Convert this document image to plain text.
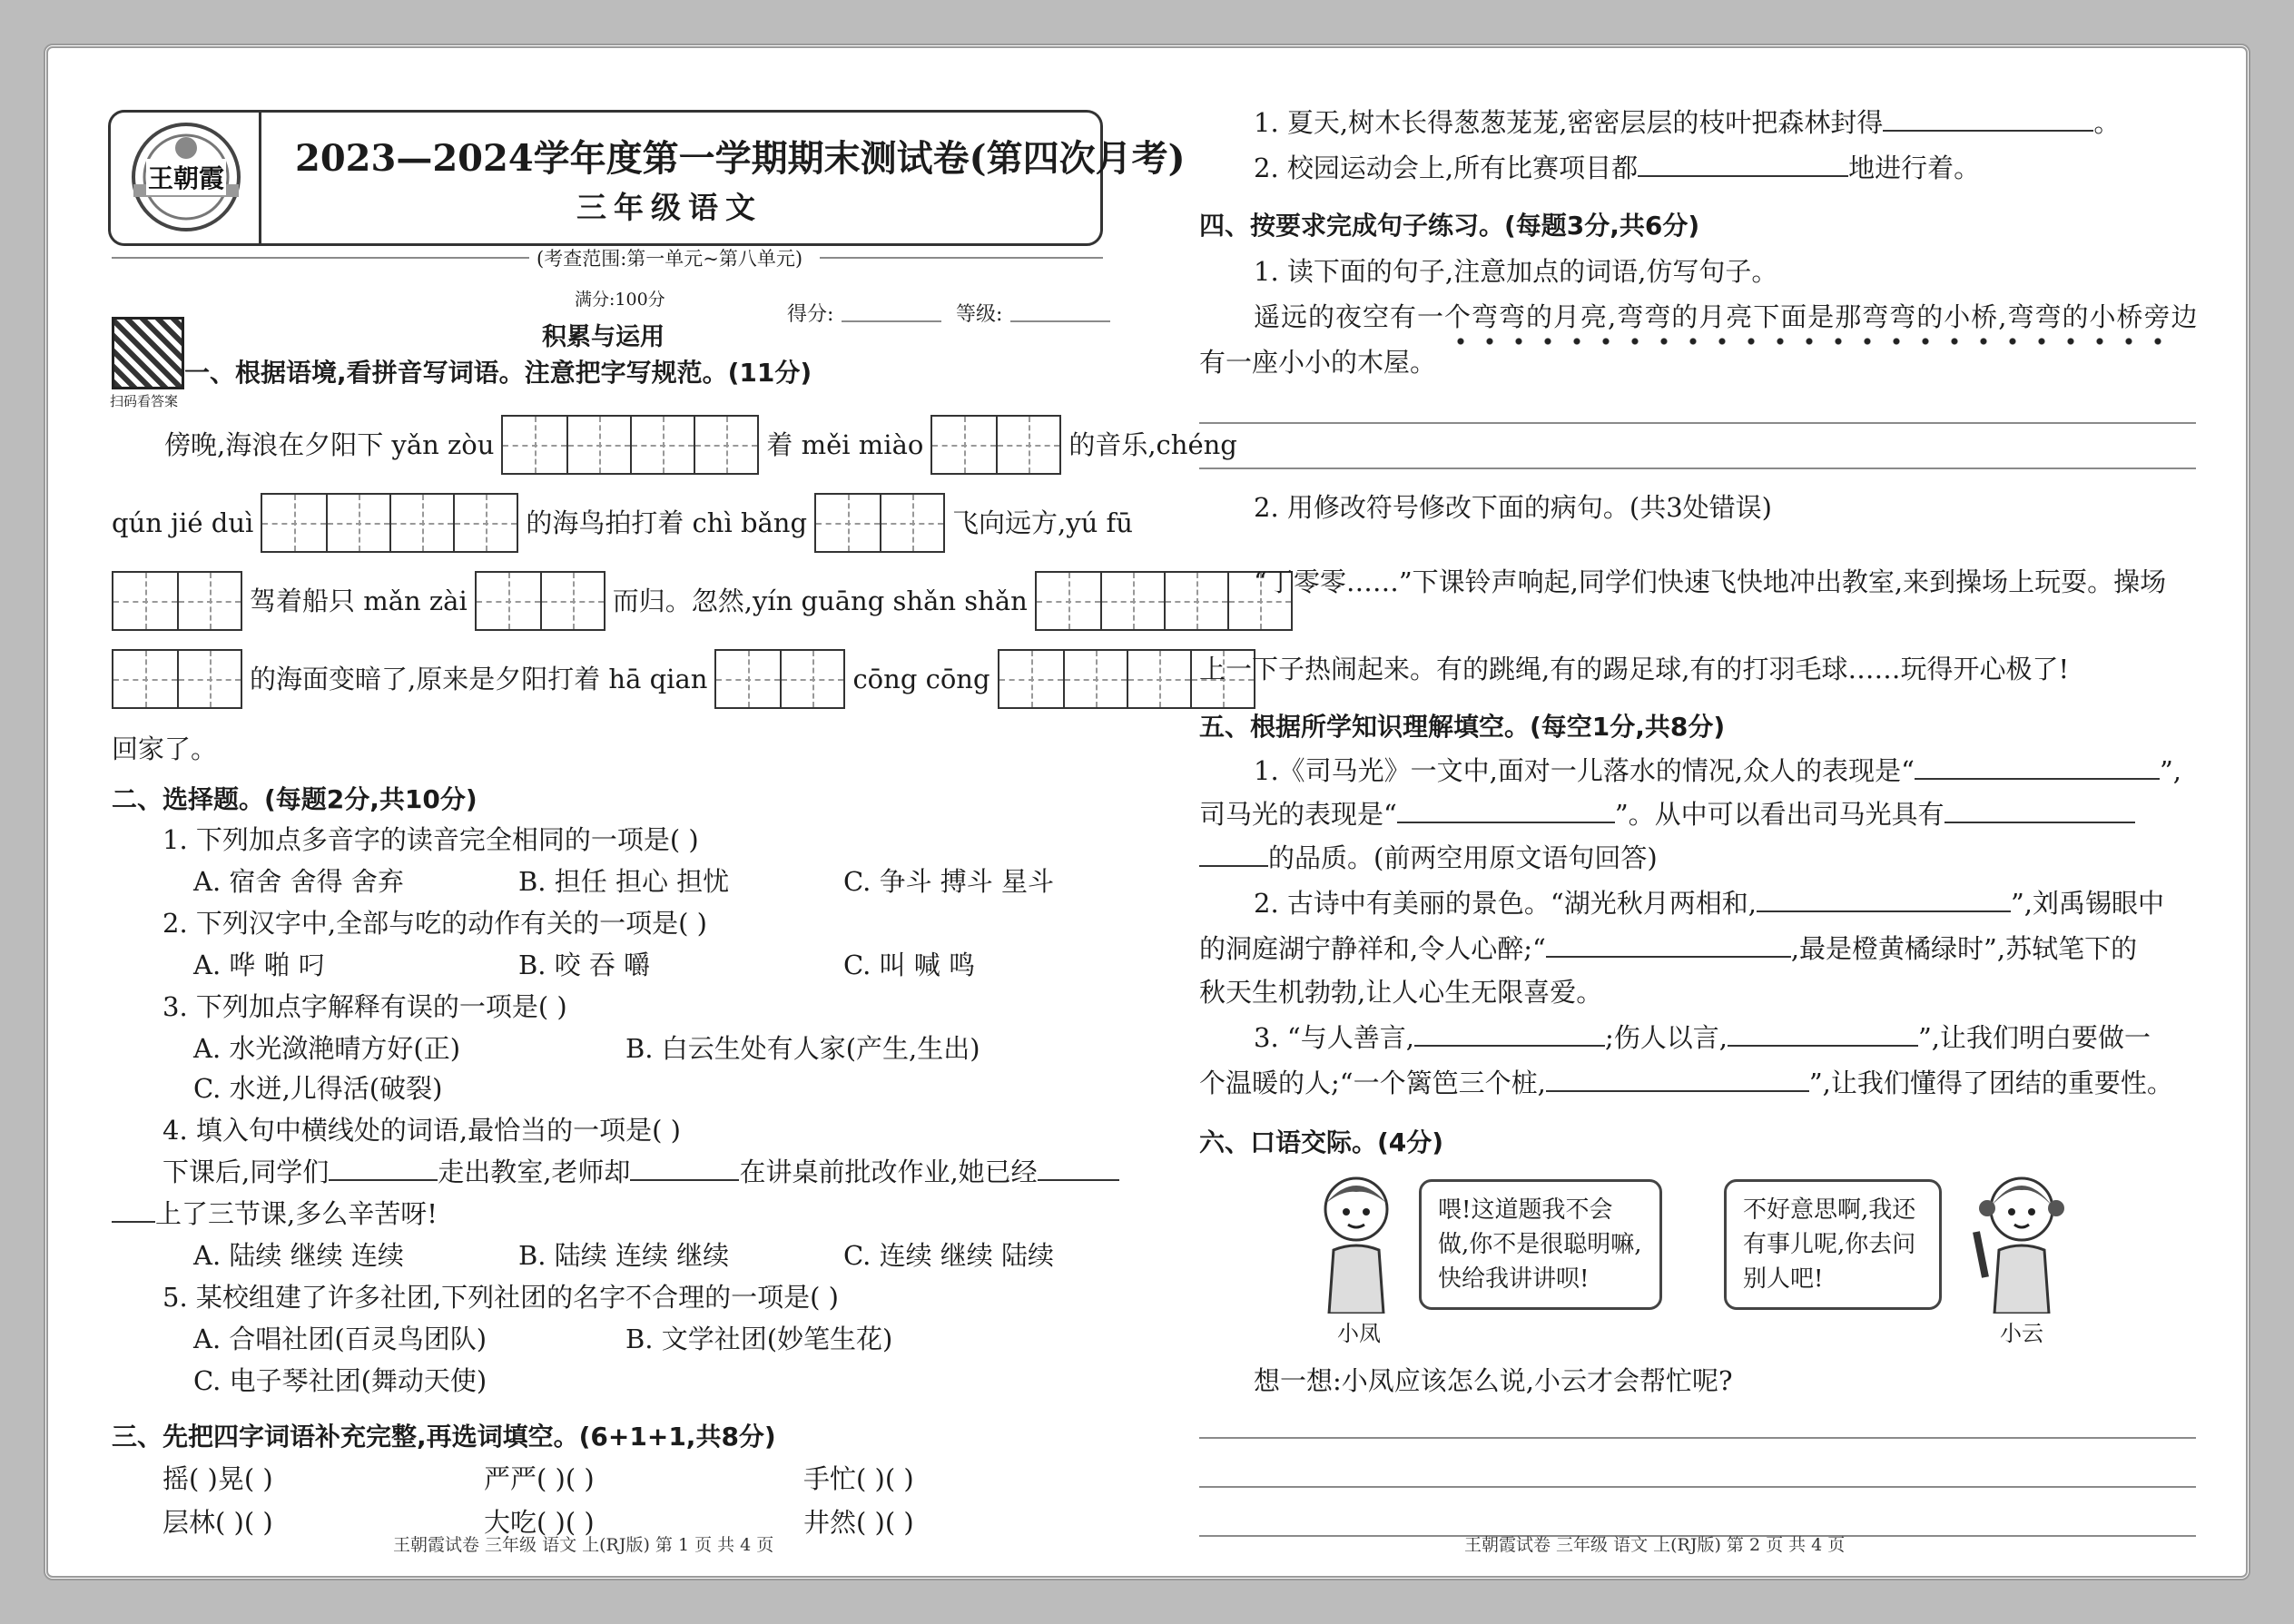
王朝霞 2023—2024学年度第一学期期末测试卷(第四次月考)
三年级语文
(考查范围:第一单元~第八单元)
满分:100分
得分:	等级:
扫码看答案
积累与运用
一、根据语境,看拼音写词语。注意把字写规范。(11分)
傍晚,海浪在夕阳下 yǎn zòu	着 měi miào	的音乐,chéng
qún jié duì	的海鸟拍打着 chì bǎng	飞向远方,yú fū
驾着船只 mǎn zài	而归。忽然,yín guāng shǎn shǎn
的海面变暗了,原来是夕阳打着 hā qian	cōng cōng
回家了。
二、选择题。(每题2分,共10分)
1. 下列加点多音字的读音完全相同的一项是( )
A. 宿舍 舍得 舍弃	B. 担任 担心 担忧	C. 争斗 搏斗 星斗
2. 下列汉字中,全部与吃的动作有关的一项是( )
A. 哗 啪 叼	B. 咬 吞 嚼	C. 叫 喊 鸣
3. 下列加点字解释有误的一项是( )
A. 水光潋滟晴方好(正)	B. 白云生处有人家(产生,生出)
C. 水迸,儿得活(破裂)
4. 填入句中横线处的词语,最恰当的一项是( )
下课后,同学们	走出教室,老师却	在讲桌前批改作业,她已经
上了三节课,多么辛苦呀!
A. 陆续 继续 连续	B. 陆续 连续 继续	C. 连续 继续 陆续
5. 某校组建了许多社团,下列社团的名字不合理的一项是( )
A. 合唱社团(百灵鸟团队)	B. 文学社团(妙笔生花)
C. 电子琴社团(舞动天使)
三、先把四字词语补充完整,再选词填空。(6+1+1,共8分)
摇( )晃( )	严严( )( )	手忙( )( )
层林( )( )	大吃( )( )	井然( )( )
王朝霞试卷 三年级 语文 上(RJ版) 第 1 页 共 4 页
1. 夏天,树木长得葱葱茏茏,密密层层的枝叶把森林封得	。
2. 校园运动会上,所有比赛项目都	地进行着。
四、按要求完成句子练习。(每题3分,共6分)
1. 读下面的句子,注意加点的词语,仿写句子。
遥远的夜空有一个弯弯的月亮,弯弯的月亮下面是那弯弯的小桥,弯弯的小桥旁边
有一座小小的木屋。
2. 用修改符号修改下面的病句。(共3处错误)
“丁零零……”下课铃声响起,同学们快速飞快地冲出教室,来到操场上玩耍。操场
上一下子热闹起来。有的跳绳,有的踢足球,有的打羽毛球……玩得开心极了!
五、根据所学知识理解填空。(每空1分,共8分)
1.《司马光》一文中,面对一儿落水的情况,众人的表现是“	”,
司马光的表现是“	”。从中可以看出司马光具有
的品质。(前两空用原文语句回答)
2. 古诗中有美丽的景色。“湖光秋月两相和,	”,刘禹锡眼中
的洞庭湖宁静祥和,令人心醉;“	,最是橙黄橘绿时”,苏轼笔下的
秋天生机勃勃,让人心生无限喜爱。
3. “与人善言,	;伤人以言,	”,让我们明白要做一
个温暖的人;“一个篱笆三个桩,	”,让我们懂得了团结的重要性。
六、口语交际。(4分)
小凤
喂!这道题我不会做,你不是很聪明嘛,快给我讲讲呗!
不好意思啊,我还有事儿呢,你去问别人吧!
小云
想一想:小凤应该怎么说,小云才会帮忙呢?
王朝霞试卷 三年级 语文 上(RJ版) 第 2 页 共 4 页
